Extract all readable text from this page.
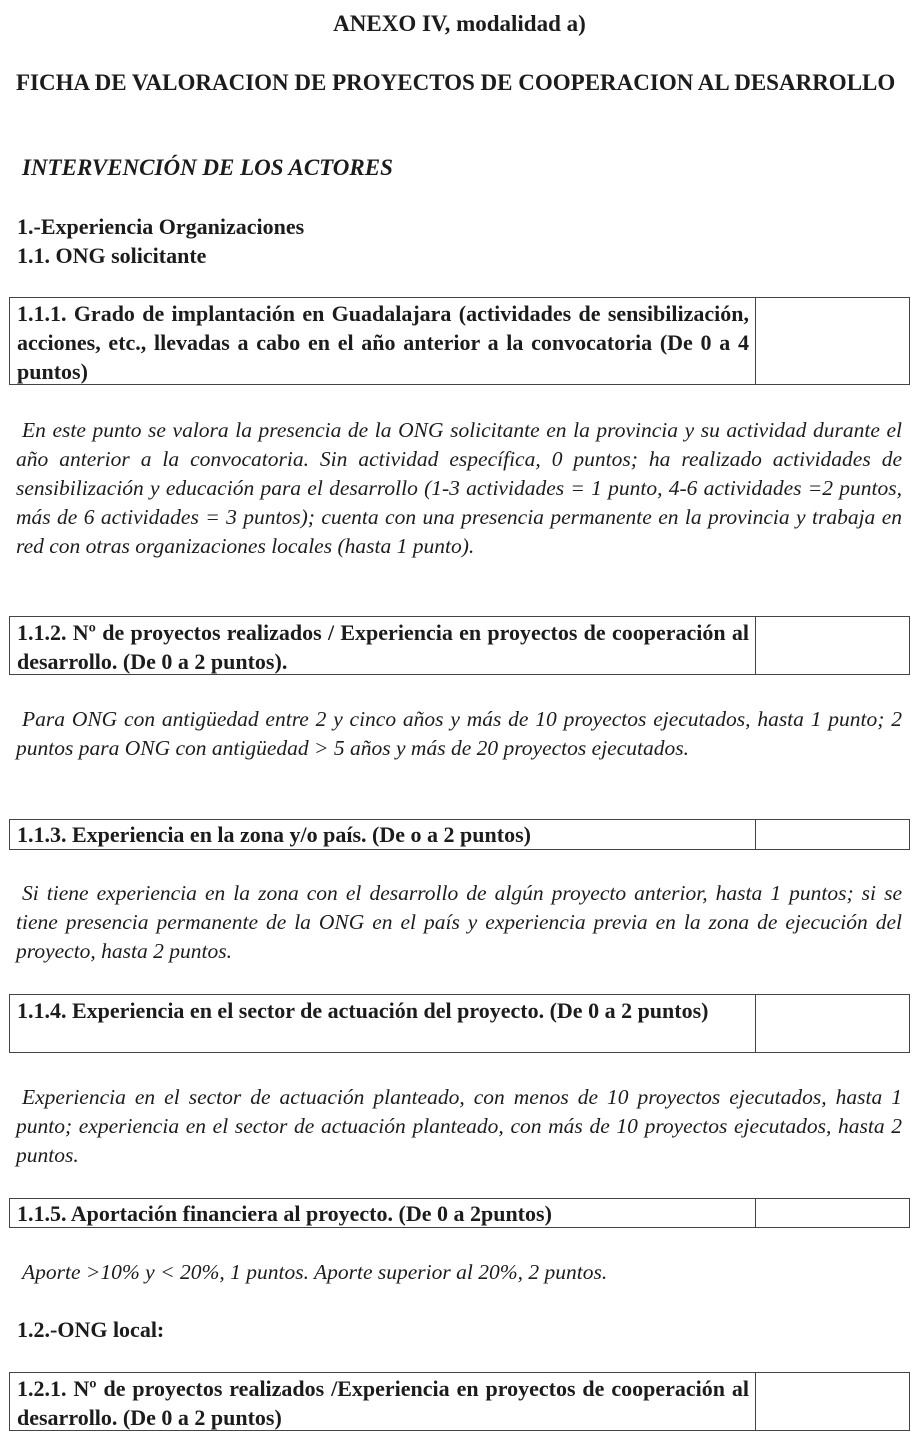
ANEXO IV, modalidad a)
FICHA DE VALORACION DE PROYECTOS DE COOPERACION AL DESARROLLO
INTERVENCIÓN DE LOS ACTORES
1.-Experiencia Organizaciones
1.1. ONG solicitante
1.1.1. Grado de implantación en Guadalajara (actividades de sensibilización, acciones, etc., llevadas a cabo en el año anterior a la convocatoria (De 0 a 4 puntos)
En este punto se valora la presencia de la ONG solicitante en la provincia y su actividad durante el año anterior a la convocatoria. Sin actividad específica, 0 puntos; ha realizado actividades de sensibilización y educación para el desarrollo (1-3 actividades = 1 punto, 4-6 actividades =2 puntos, más de 6 actividades = 3 puntos); cuenta con una presencia permanente en la provincia y trabaja en red con otras organizaciones locales (hasta 1 punto).
1.1.2. Nº de proyectos realizados / Experiencia en proyectos de cooperación al desarrollo. (De 0 a 2 puntos).
Para ONG con antigüedad entre 2 y cinco años y más de 10 proyectos ejecutados, hasta 1 punto; 2 puntos para ONG con antigüedad > 5 años y más de 20 proyectos ejecutados.
1.1.3. Experiencia en la zona y/o país. (De o a 2 puntos)
Si tiene experiencia en la zona con el desarrollo de algún proyecto anterior, hasta 1 puntos; si se tiene presencia permanente de la ONG en el país y experiencia previa en la zona de ejecución del proyecto, hasta 2 puntos.
1.1.4. Experiencia en el sector de actuación del proyecto. (De 0 a 2 puntos)
Experiencia en el sector de actuación planteado, con menos de 10 proyectos ejecutados, hasta 1 punto; experiencia en el sector de actuación planteado, con más de 10 proyectos ejecutados, hasta 2 puntos.
1.1.5. Aportación financiera al proyecto. (De 0 a 2puntos)
Aporte >10% y < 20%, 1 puntos. Aporte superior al 20%, 2 puntos.
1.2.-ONG local:
1.2.1. Nº de proyectos realizados /Experiencia en proyectos de cooperación al desarrollo. (De 0 a 2 puntos)
